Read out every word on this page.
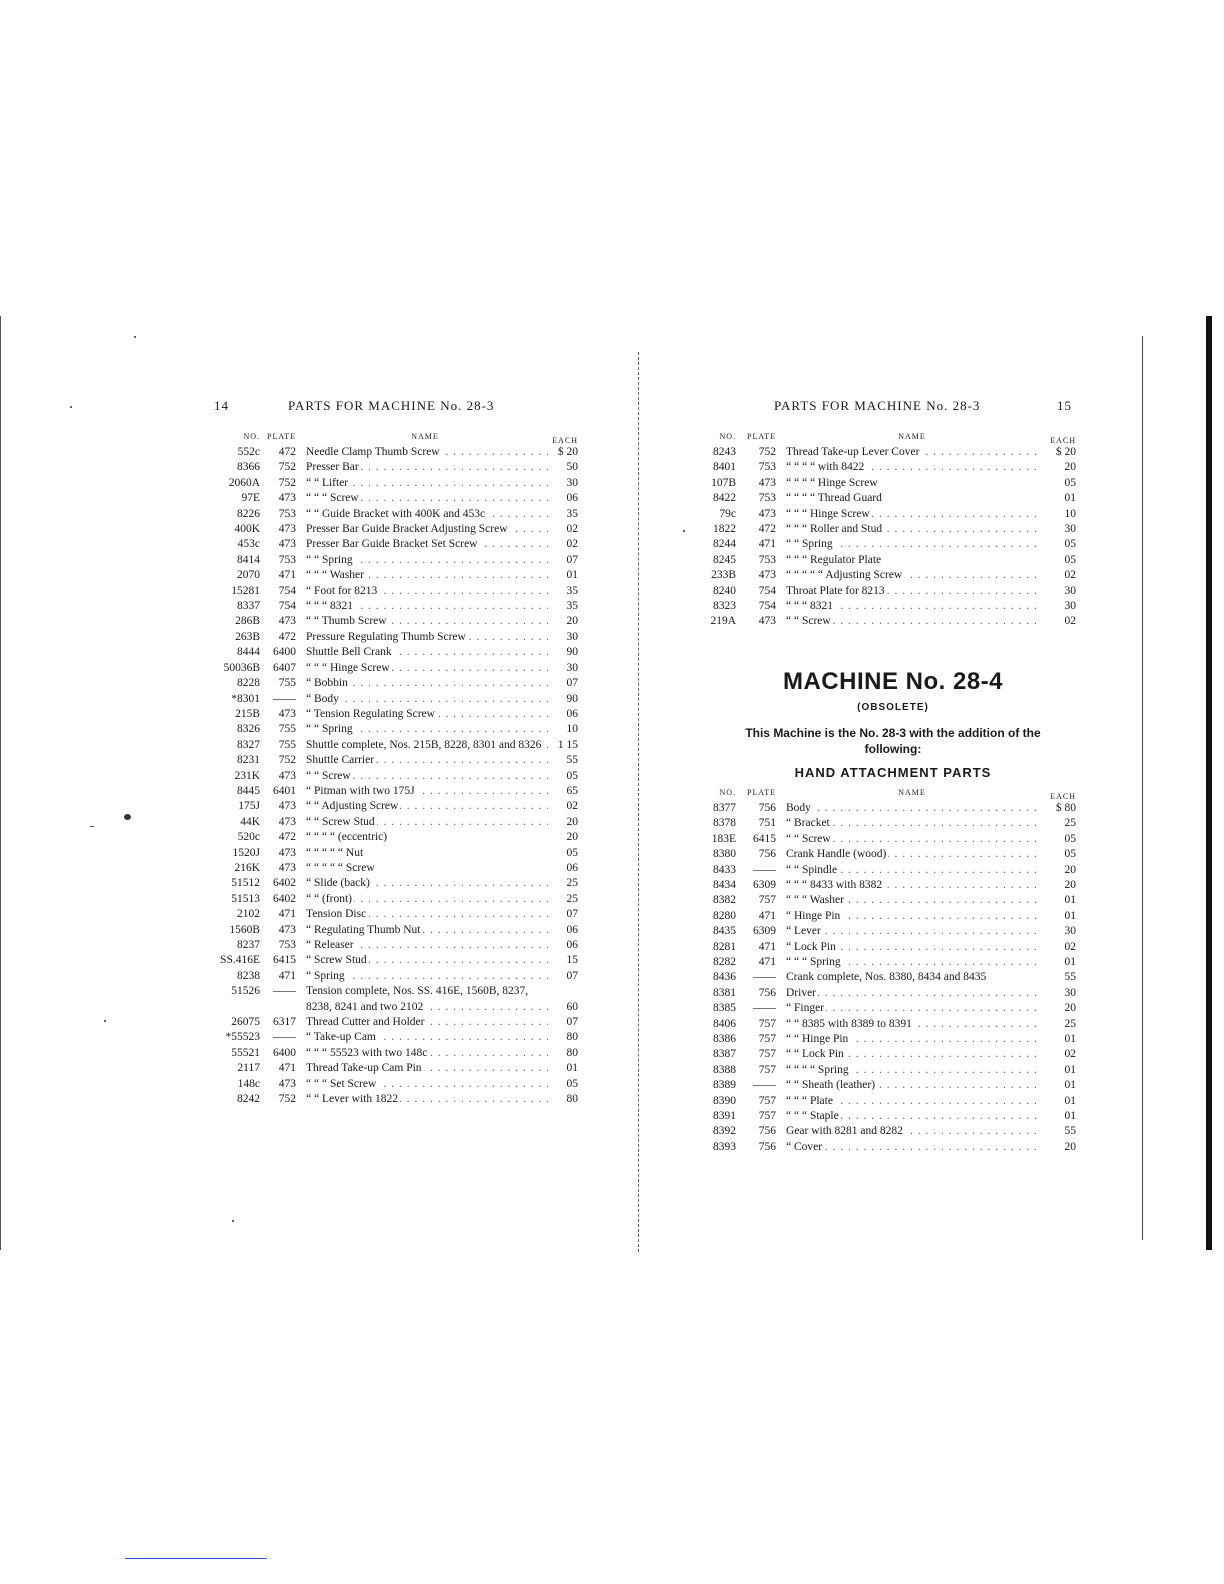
14	PARTS FOR MACHINE No. 28-3
NO. PLATE	NAME	EACH
552c	472 Needle Clamp Thumb Screw . . .	$ 20
8366	752 Presser Bar . . .	50
2060A	752 “ “ Lifter . . .	30
97E	473 “ “ “ Screw . . .	06
8226	753 “ “ Guide Bracket with 400K and 453c . . .	35
400K	473 Presser Bar Guide Bracket Adjusting Screw . . .	02
453c	473 Presser Bar Guide Bracket Set Screw . . .	02
8414	753 “ “ Spring . . .	07
2070	471 “ “ “ Washer . . .	01
15281	754 “ Foot for 8213 . . .	35
8337	754 “ “ “ 8321 . . .	35
286B	473 “ “ Thumb Screw . . .	20
263B	472 Pressure Regulating Thumb Screw . . .	30
8444	6400 Shuttle Bell Crank . . .	90
50036B	6407 “ “ “ Hinge Screw . . .	30
8228	755 “ Bobbin . . .	07
*8301	—— “ Body . . .	90
215B	473 “ Tension Regulating Screw . . .	06
8326	755 “ “ Spring . . .	10
8327	755 Shuttle complete, Nos. 215B, 8228, 8301 and 8326 . . .	1 15
8231	752 Shuttle Carrier . . .	55
231K	473 “ “ Screw . . .	05
8445	6401 “ Pitman with two 175J . . .	65
175J	473 “ “ Adjusting Screw . . .	02
44K	473 “ “ Screw Stud . . .	20
520c	472 “ “ “ “ (eccentric)	20
1520J	473 “ “ “ “ “ Nut	05
216K	473 “ “ “ “ “ Screw	06
51512	6402 “ Slide (back) . . .	25
51513	6402 “ “ (front) . . .	25
2102	471 Tension Disc . . .	07
1560B	473 “ Regulating Thumb Nut . . .	06
8237	753 “ Releaser . . .	06
SS.416E	6415 “ Screw Stud . . .	15
8238	471 “ Spring . . .	07
51526	—— Tension complete, Nos. SS. 416E, 1560B, 8237, 8238, 8241 and two 2102 . . .	60
26075	6317 Thread Cutter and Holder . . .	07
*55523	—— “ Take-up Cam . . .	80
55521	6400 “ “ “ 55523 with two 148c . . .	80
2117	471 Thread Take-up Cam Pin . . .	01
148c	473 “ “ “ Set Screw . . .	05
8242	752 “ “ Lever with 1822 . . .	80
PARTS FOR MACHINE No. 28-3	15
NO.	PLATE	NAME	EACH
8243	752 Thread Take-up Lever Cover . . .	$ 20
8401	753 “ “ “ “ with 8422 . . .	20
107B	473 “ “ “ “ Hinge Screw	05
8422	753 “ “ “ “ Thread Guard	01
79c	473 “ “ “ Hinge Screw . . .	10
1822	472 “ “ “ Roller and Stud . . .	30
8244	471 “ “ Spring . . .	05
8245	753 “ “ “ Regulator Plate	05
233B	473 “ “ “ “ “ Adjusting Screw . . .	02
8240	754 Throat Plate for 8213 . . .	30
8323	754 “ “ “ 8321 . . .	30
219A	473 “ “ Screw . . .	02
MACHINE No. 28-4
(OBSOLETE)
This Machine is the No. 28-3 with the addition of the following:
HAND ATTACHMENT PARTS
NO.	PLATE	NAME	EACH
8377	756 Body . . .	$ 80
8378	751 “ Bracket . . .	25
183E	6415 “ “ Screw . . .	05
8380	756 Crank Handle (wood) . . .	05
8433	—— “ “ Spindle . . .	20
8434	6309 “ “ “ 8433 with 8382 . . .	20
8382	757 “ “ “ Washer . . .	01
8280	471 “ Hinge Pin . . .	01
8435	6309 “ Lever . . .	30
8281	471 “ Lock Pin . . .	02
8282	471 “ “ “ Spring . . .	01
8436	—— Crank complete, Nos. 8380, 8434 and 8435	55
8381	756 Driver . . .	30
8385	—— “ Finger . . .	20
8406	757 “ “ 8385 with 8389 to 8391 . . .	25
8386	757 “ “ Hinge Pin . . .	01
8387	757 “ “ Lock Pin . . .	02
8388	757 “ “ “ “ Spring . . .	01
8389	—— “ “ Sheath (leather) . . .	01
8390	757 “ “ “ Plate . . .	01
8391	757 “ “ “ Staple . . .	01
8392	756 Gear with 8281 and 8282 . . .	55
8393	756 “ Cover . . .	20
